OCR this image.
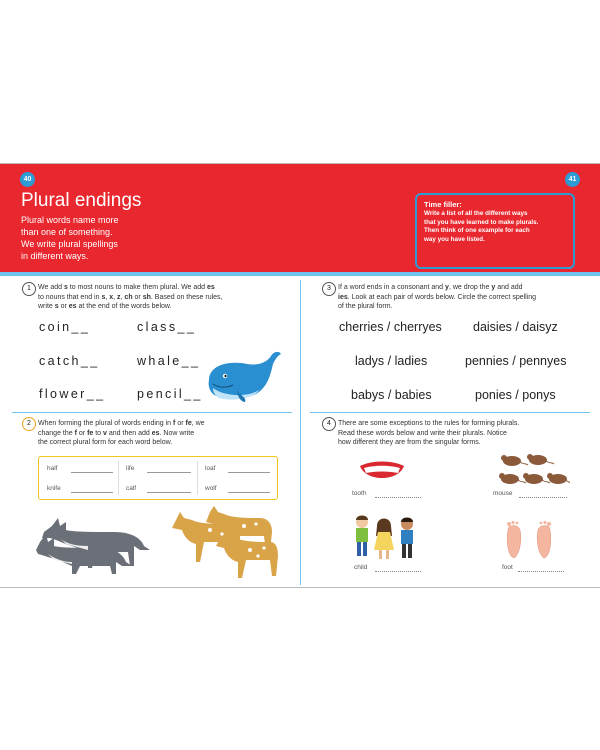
40	41
Plural endings
Plural words name more
than one of something.
We write plural spellings
in different ways.
Time filler:
Write a list of all the different ways
that you have learned to make plurals.
Then think of one example for each
way you have listed.
1	We add s to most nouns to make them plural. We add es
to nouns that end in s, x, z, ch or sh. Based on these rules,
write s or es at the end of the words below.
coin__	class__
catch__	whale__
flower__	pencil__
2	When forming the plural of words ending in f or fe, we
change the f or fe to v and then add es. Now write
the correct plural form for each word below.
half	life	loaf
knife	calf	wolf
3	If a word ends in a consonant and y, we drop the y and add
ies. Look at each pair of words below. Circle the correct spelling
of the plural form.
cherries / cherryes daisies / daisyz
ladys / ladies	pennies / pennyes
babys / babies	ponies / ponys
4	There are some exceptions to the rules for forming plurals.
Read these words below and write their plurals. Notice
how different they are from the singular forms.
tooth	mouse
child	foot
